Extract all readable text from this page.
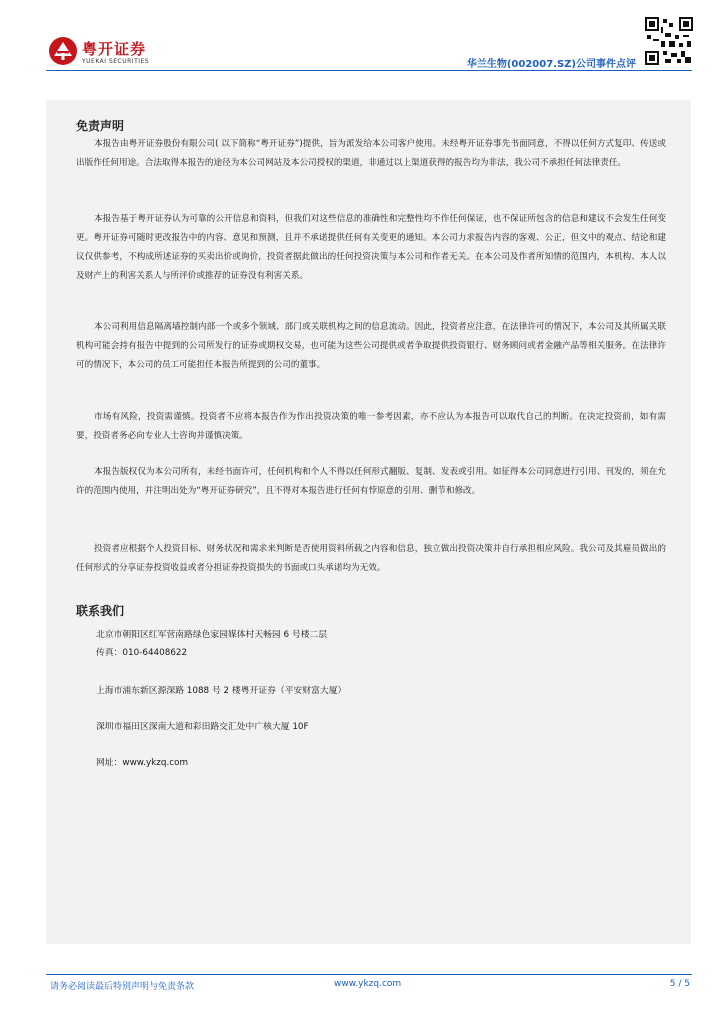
粤开证券
YUEKAI SECURITIES	华兰生物(002007.SZ)公司事件点评
免责声明

本报告由粤开证券股份有限公司( 以下简称“粤开证券”)提供，旨为派发给本公司客户使用。未经粤开证券事先书面同意，不得以任何方式复印、传送或出版作任何用途。合法取得本报告的途径为本公司网站及本公司授权的渠道，非通过以上渠道获得的报告均为非法，我公司不承担任何法律责任。

本报告基于粤开证券认为可靠的公开信息和资料，但我们对这些信息的准确性和完整性均不作任何保证，也不保证所包含的信息和建议不会发生任何变更。粤开证券可随时更改报告中的内容、意见和预测，且并不承诺提供任何有关变更的通知。本公司力求报告内容的客观、公正，但文中的观点、结论和建议仅供参考，不构成所述证券的买卖出价或询价，投资者据此做出的任何投资决策与本公司和作者无关。在本公司及作者所知情的范围内，本机构、本人以及财产上的利害关系人与所评价或推荐的证券没有利害关系。

本公司利用信息隔离墙控制内部一个或多个领域、部门或关联机构之间的信息流动。因此，投资者应注意，在法律许可的情况下，本公司及其所属关联机构可能会持有报告中提到的公司所发行的证券或期权交易，也可能为这些公司提供或者争取提供投资银行、财务顾问或者金融产品等相关服务。在法律许可的情况下，本公司的员工可能担任本报告所提到的公司的董事。

市场有风险，投资需谨慎。投资者不应将本报告作为作出投资决策的唯一参考因素，亦不应认为本报告可以取代自己的判断。在决定投资前，如有需要，投资者务必向专业人士咨询并谨慎决策。

本报告版权仅为本公司所有，未经书面许可，任何机构和个人不得以任何形式翻版、复制、发表或引用。如征得本公司同意进行引用、刊发的，须在允许的范围内使用，并注明出处为“粤开证券研究”，且不得对本报告进行任何有悖原意的引用、删节和修改。

投资者应根据个人投资目标、财务状况和需求来判断是否使用资料所载之内容和信息，独立做出投资决策并自行承担相应风险。我公司及其雇员做出的任何形式的分享证券投资收益或者分担证券投资损失的书面或口头承诺均为无效。

联系我们
北京市朝阳区红军营南路绿色家园媒体村天畅园 6 号楼二层
传真：010-64408622
上海市浦东新区源深路 1088 号 2 楼粤开证券（平安财富大厦）
深圳市福田区深南大道和彩田路交汇处中广核大厦 10F
网址：www.ykzq.com
请务必阅读最后特别声明与免责条款	www.ykzq.com	5 / 5
